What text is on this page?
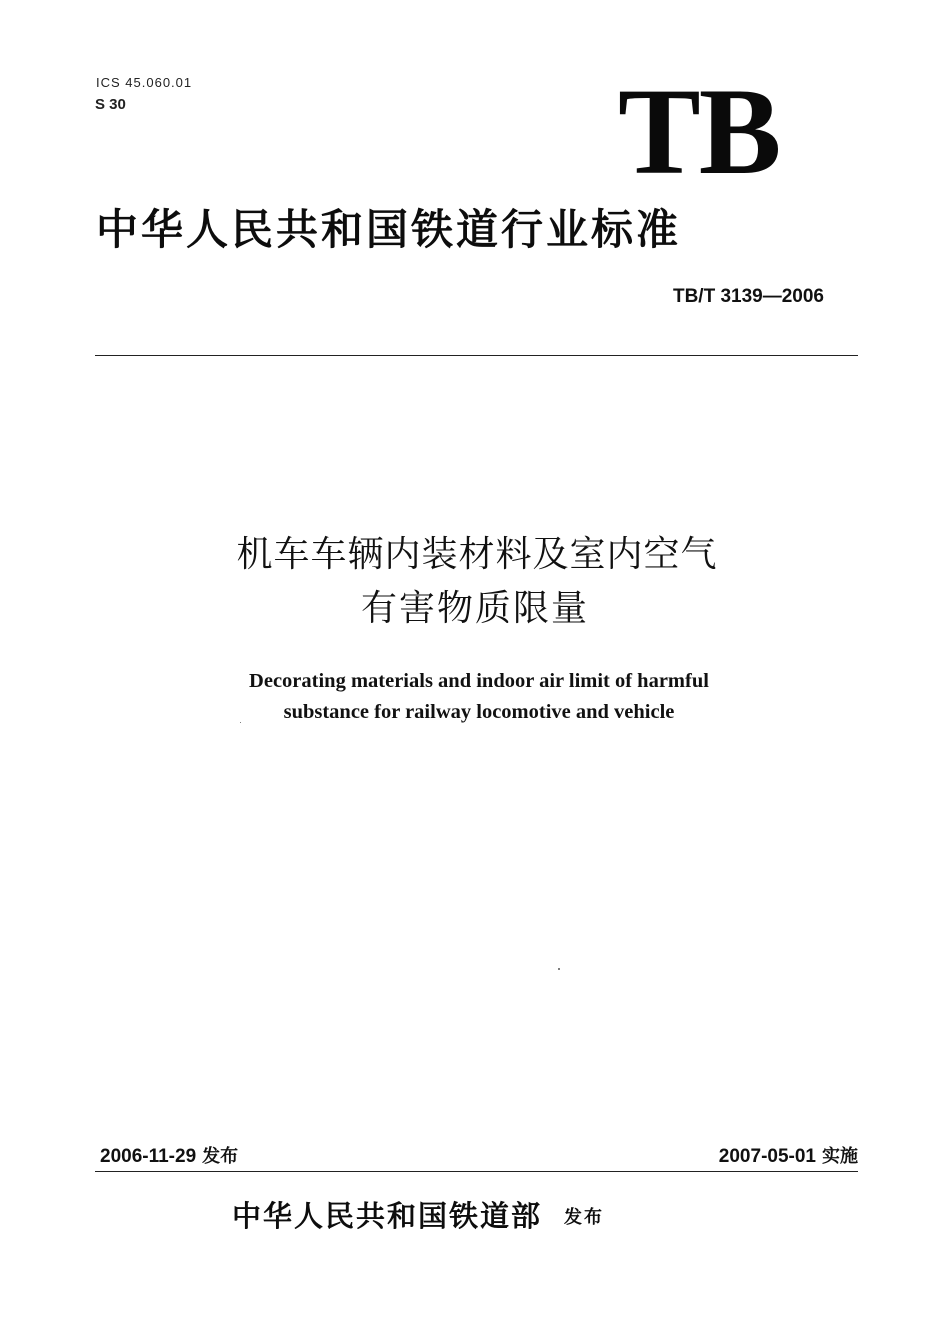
ICS 45.060.01
S 30	TB
中华人民共和国铁道行业标准
TB/T 3139—2006
机车车辆内装材料及室内空气
有害物质限量
Decorating materials and indoor air limit of harmful
substance for railway locomotive and vehicle
2006-11-29 发布	2007-05-01 实施
中华人民共和国铁道部 发布
